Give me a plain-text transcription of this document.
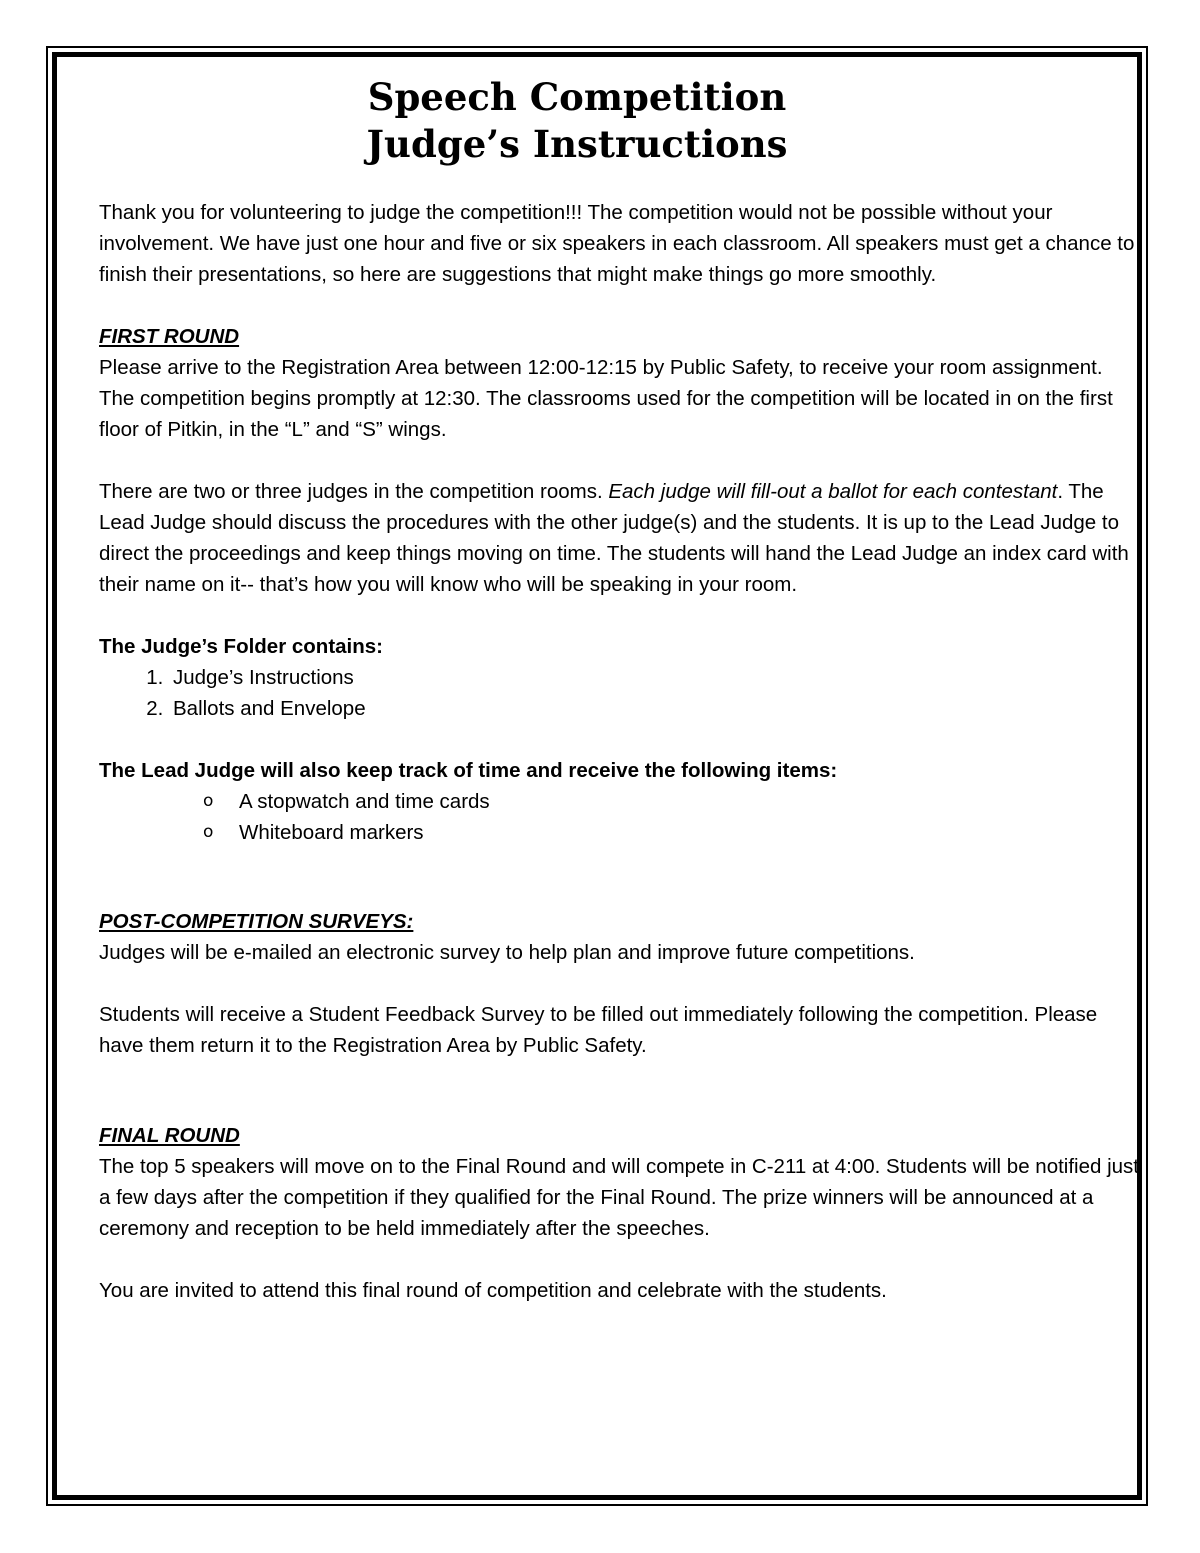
Speech Competition
Judge’s Instructions

Thank you for volunteering to judge the competition!!! The competition would not be possible without your involvement. We have just one hour and five or six speakers in each classroom. All speakers must get a chance to finish their presentations, so here are suggestions that might make things go more smoothly.

FIRST ROUND
Please arrive to the Registration Area between 12:00-12:15 by Public Safety, to receive your room assignment. The competition begins promptly at 12:30. The classrooms used for the competition will be located in on the first floor of Pitkin, in the “L” and “S” wings.

There are two or three judges in the competition rooms. Each judge will fill-out a ballot for each contestant. The Lead Judge should discuss the procedures with the other judge(s) and the students. It is up to the Lead Judge to direct the proceedings and keep things moving on time. The students will hand the Lead Judge an index card with their name on it-- that’s how you will know who will be speaking in your room.

The Judge’s Folder contains:

1. Judge’s Instructions
2. Ballots and Envelope

The Lead Judge will also keep track of time and receive the following items:

o A stopwatch and time cards
o Whiteboard markers

POST-COMPETITION SURVEYS:
Judges will be e-mailed an electronic survey to help plan and improve future competitions.

Students will receive a Student Feedback Survey to be filled out immediately following the competition. Please have them return it to the Registration Area by Public Safety.

FINAL ROUND
The top 5 speakers will move on to the Final Round and will compete in C-211 at 4:00. Students will be notified just a few days after the competition if they qualified for the Final Round. The prize winners will be announced at a ceremony and reception to be held immediately after the speeches.

You are invited to attend this final round of competition and celebrate with the students.
